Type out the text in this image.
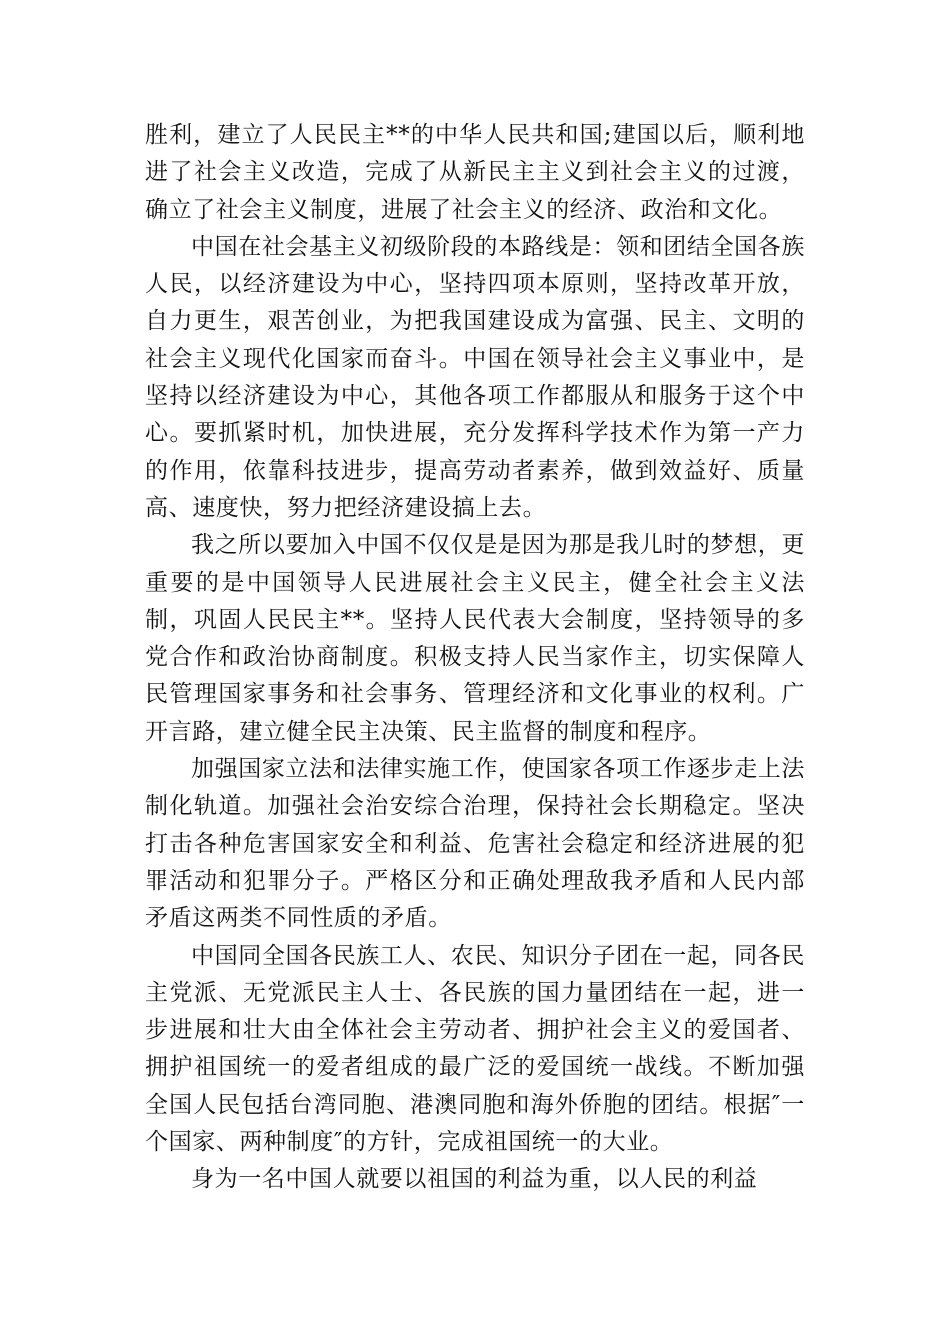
胜利，建立了人民民主**的中华人民共和国;建国以后，顺利地进了社会主义改造，完成了从新民主主义到社会主义的过渡，确立了社会主义制度，进展了社会主义的经济、政治和文化。

中国在社会基主义初级阶段的本路线是：领和团结全国各族人民，以经济建设为中心，坚持四项本原则，坚持改革开放，自力更生，艰苦创业，为把我国建设成为富强、民主、文明的社会主义现代化国家而奋斗。中国在领导社会主义事业中，是坚持以经济建设为中心，其他各项工作都服从和服务于这个中心。要抓紧时机，加快进展，充分发挥科学技术作为第一产力的作用，依靠科技进步，提高劳动者素养，做到效益好、质量高、速度快，努力把经济建设搞上去。

我之所以要加入中国不仅仅是是因为那是我儿时的梦想，更重要的是中国领导人民进展社会主义民主，健全社会主义法制，巩固人民民主**。坚持人民代表大会制度，坚持领导的多党合作和政治协商制度。积极支持人民当家作主，切实保障人民管理国家事务和社会事务、管理经济和文化事业的权利。广开言路，建立健全民主决策、民主监督的制度和程序。

加强国家立法和法律实施工作，使国家各项工作逐步走上法制化轨道。加强社会治安综合治理，保持社会长期稳定。坚决打击各种危害国家安全和利益、危害社会稳定和经济进展的犯罪活动和犯罪分子。严格区分和正确处理敌我矛盾和人民内部矛盾这两类不同性质的矛盾。

中国同全国各民族工人、农民、知识分子团在一起，同各民主党派、无党派民主人士、各民族的国力量团结在一起，进一步进展和壮大由全体社会主劳动者、拥护社会主义的爱国者、拥护祖国统一的爱者组成的最广泛的爱国统一战线。不断加强全国人民包括台湾同胞、港澳同胞和海外侨胞的团结。根据″一个国家、两种制度″的方针，完成祖国统一的大业。

身为一名中国人就要以祖国的利益为重，以人民的利益
